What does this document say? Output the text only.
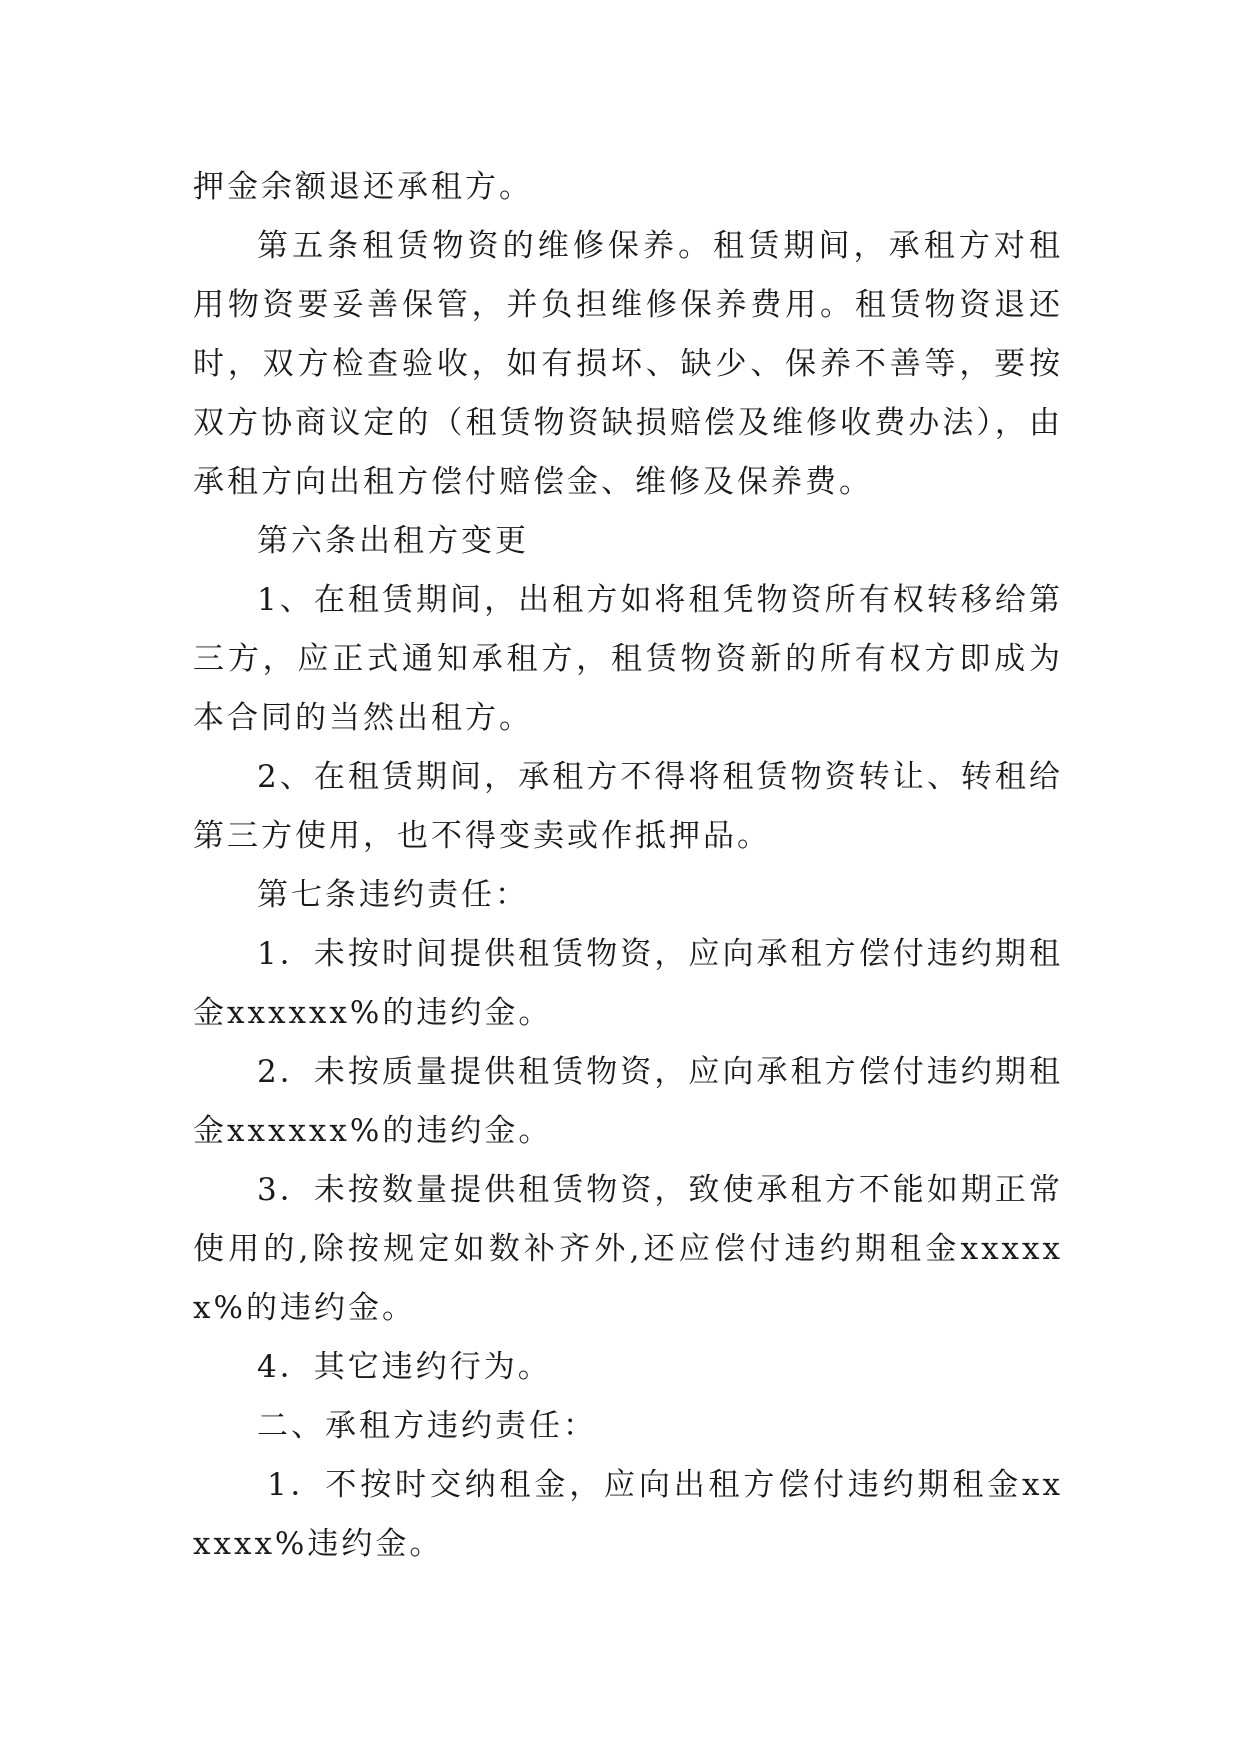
押金余额退还承租方。

第五条租赁物资的维修保养。租赁期间，承租方对租用物资要妥善保管，并负担维修保养费用。租赁物资退还时，双方检查验收，如有损坏、缺少、保养不善等，要按双方协商议定的（租赁物资缺损赔偿及维修收费办法），由承租方向出租方偿付赔偿金、维修及保养费。

第六条出租方变更

1、在租赁期间，出租方如将租凭物资所有权转移给第三方，应正式通知承租方，租赁物资新的所有权方即成为本合同的当然出租方。

2、在租赁期间，承租方不得将租赁物资转让、转租给第三方使用，也不得变卖或作抵押品。

第七条违约责任：

1．未按时间提供租赁物资，应向承租方偿付违约期租金xxxxxx%的违约金。

2．未按质量提供租赁物资，应向承租方偿付违约期租金xxxxxx%的违约金。

3．未按数量提供租赁物资，致使承租方不能如期正常使用的,除按规定如数补齐外,还应偿付违约期租金xxxxxx%的违约金。

4．其它违约行为。

二、承租方违约责任：

1．不按时交纳租金，应向出租方偿付违约期租金xxxxxx%违约金。
